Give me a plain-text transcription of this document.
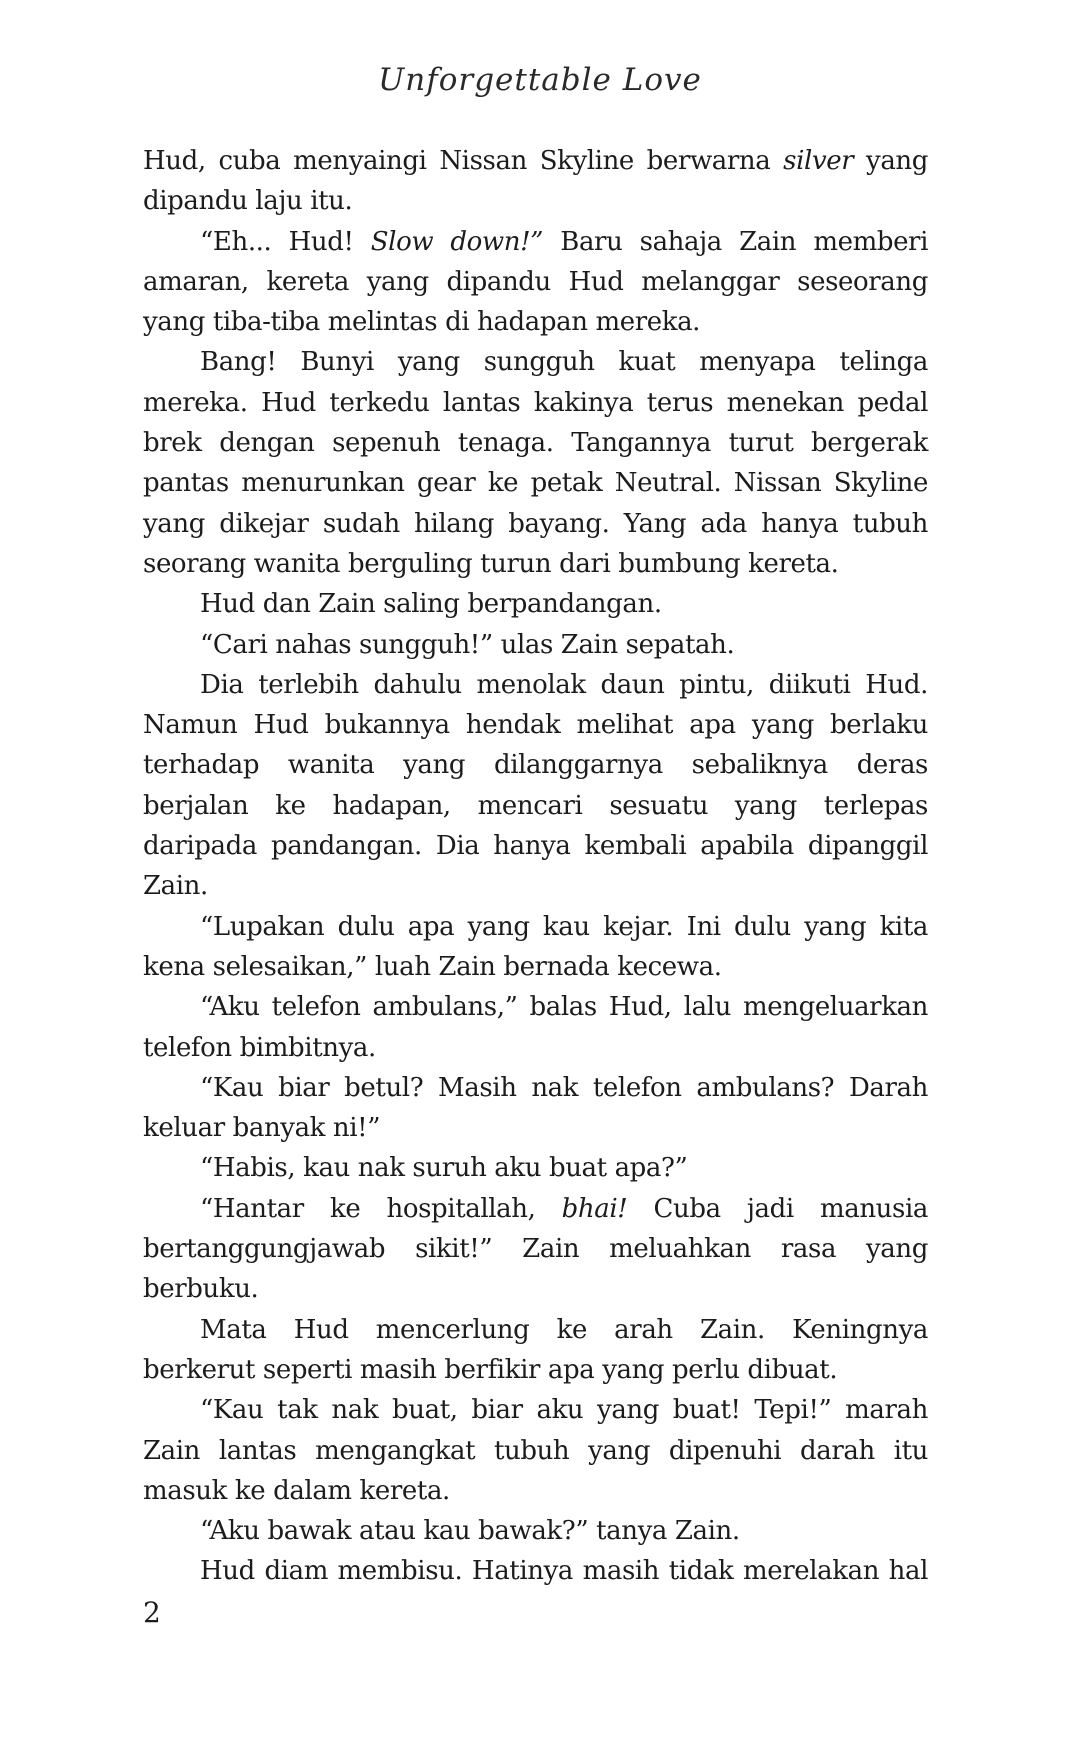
Unforgettable Love

Hud, cuba menyaingi Nissan Skyline berwarna silver yang dipandu laju itu.

“Eh... Hud! Slow down!” Baru sahaja Zain memberi amaran, kereta yang dipandu Hud melanggar seseorang yang tiba-tiba melintas di hadapan mereka.

Bang! Bunyi yang sungguh kuat menyapa telinga mereka. Hud terkedu lantas kakinya terus menekan pedal brek dengan sepenuh tenaga. Tangannya turut bergerak pantas menurunkan gear ke petak Neutral. Nissan Skyline yang dikejar sudah hilang bayang. Yang ada hanya tubuh seorang wanita berguling turun dari bumbung kereta.

Hud dan Zain saling berpandangan.

“Cari nahas sungguh!” ulas Zain sepatah.

Dia terlebih dahulu menolak daun pintu, diikuti Hud. Namun Hud bukannya hendak melihat apa yang berlaku terhadap wanita yang dilanggarnya sebaliknya deras berjalan ke hadapan, mencari sesuatu yang terlepas daripada pandangan. Dia hanya kembali apabila dipanggil Zain.

“Lupakan dulu apa yang kau kejar. Ini dulu yang kita kena selesaikan,” luah Zain bernada kecewa.

“Aku telefon ambulans,” balas Hud, lalu mengeluarkan telefon bimbitnya.

“Kau biar betul? Masih nak telefon ambulans? Darah keluar banyak ni!”

“Habis, kau nak suruh aku buat apa?”

“Hantar ke hospitallah, bhai! Cuba jadi manusia bertanggungjawab sikit!” Zain meluahkan rasa yang berbuku.

Mata Hud mencerlung ke arah Zain. Keningnya berkerut seperti masih berfikir apa yang perlu dibuat.

“Kau tak nak buat, biar aku yang buat! Tepi!” marah Zain lantas mengangkat tubuh yang dipenuhi darah itu masuk ke dalam kereta.

“Aku bawak atau kau bawak?” tanya Zain.

Hud diam membisu. Hatinya masih tidak merelakan hal

2
